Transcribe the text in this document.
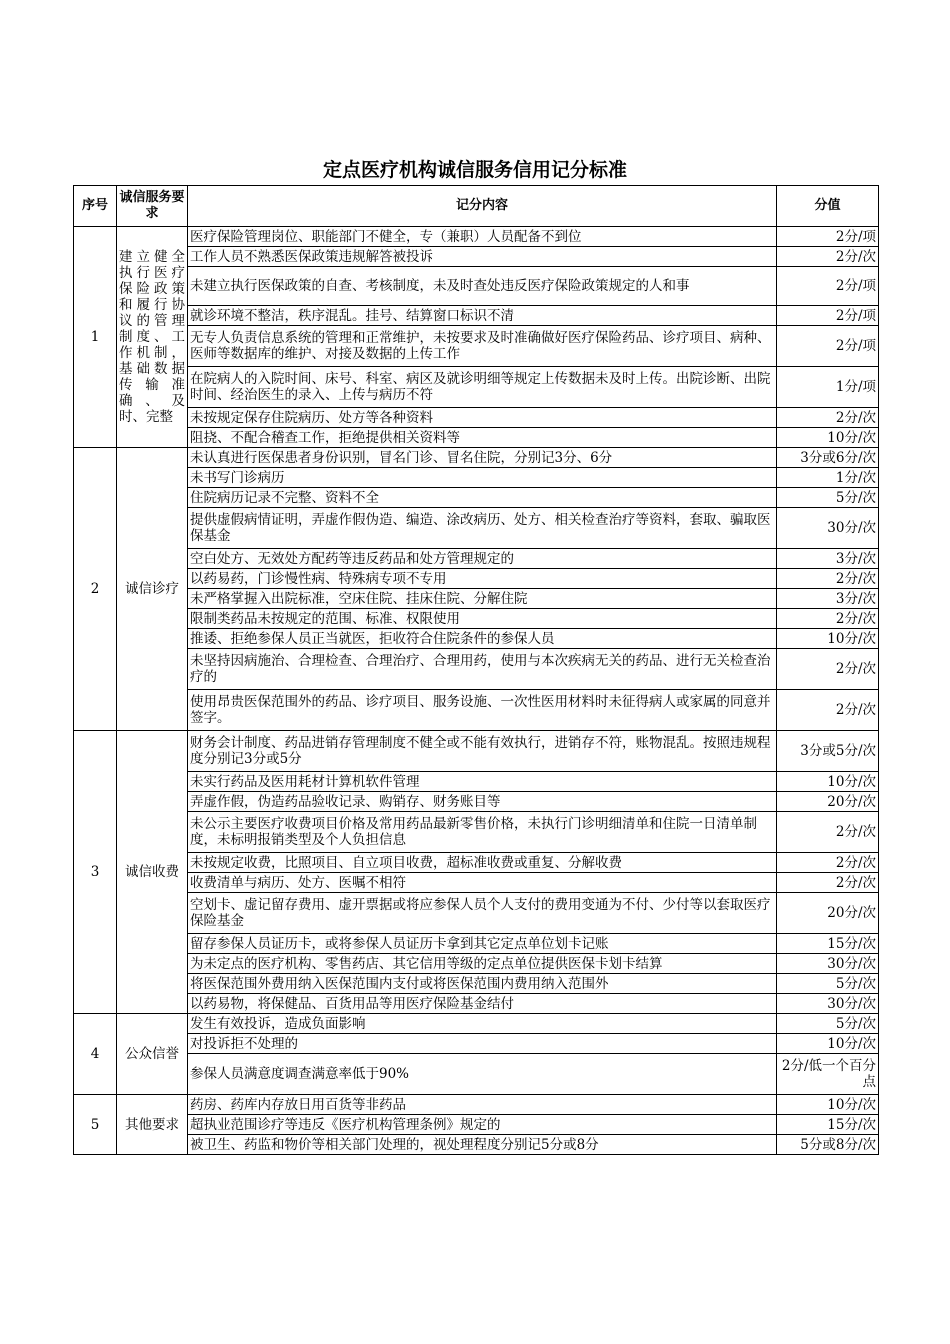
定点医疗机构诚信服务信用记分标准
序号	诚信服务要求	记分内容	分值
1	建立健全执行医疗保险政策和履行协议的管理制度、工作机制，基础数据传输准确、及时、完整	医疗保险管理岗位、职能部门不健全，专（兼职）人员配备不到位	2分/项
		工作人员不熟悉医保政策违规解答被投诉	2分/次
		未建立执行医保政策的自查、考核制度，未及时查处违反医疗保险政策规定的人和事	2分/项
		就诊环境不整洁，秩序混乱。挂号、结算窗口标识不清	2分/项
		无专人负责信息系统的管理和正常维护，未按要求及时准确做好医疗保险药品、诊疗项目、病种、医师等数据库的维护、对接及数据的上传工作	2分/项
		在院病人的入院时间、床号、科室、病区及就诊明细等规定上传数据未及时上传。出院诊断、出院时间、经治医生的录入、上传与病历不符	1分/项
		未按规定保存住院病历、处方等各种资料	2分/次
		阻挠、不配合稽查工作，拒绝提供相关资料等	10分/次
2	诚信诊疗	未认真进行医保患者身份识别，冒名门诊、冒名住院，分别记3分、6分	3分或6分/次
		未书写门诊病历	1分/次
		住院病历记录不完整、资料不全	5分/次
		提供虚假病情证明，弄虚作假伪造、编造、涂改病历、处方、相关检查治疗等资料，套取、骗取医保基金	30分/次
		空白处方、无效处方配药等违反药品和处方管理规定的	3分/次
		以药易药，门诊慢性病、特殊病专项不专用	2分/次
		未严格掌握入出院标准，空床住院、挂床住院、分解住院	3分/次
		限制类药品未按规定的范围、标准、权限使用	2分/次
		推诿、拒绝参保人员正当就医，拒收符合住院条件的参保人员	10分/次
		未坚持因病施治、合理检查、合理治疗、合理用药，使用与本次疾病无关的药品、进行无关检查治疗的	2分/次
		使用昂贵医保范围外的药品、诊疗项目、服务设施、一次性医用材料时未征得病人或家属的同意并签字。	2分/次
3	诚信收费	财务会计制度、药品进销存管理制度不健全或不能有效执行，进销存不符，账物混乱。按照违规程度分别记3分或5分	3分或5分/次
		未实行药品及医用耗材计算机软件管理	10分/次
		弄虚作假，伪造药品验收记录、购销存、财务账目等	20分/次
		未公示主要医疗收费项目价格及常用药品最新零售价格，未执行门诊明细清单和住院一日清单制度，未标明报销类型及个人负担信息	2分/次
		未按规定收费，比照项目、自立项目收费，超标准收费或重复、分解收费	2分/次
		收费清单与病历、处方、医嘱不相符	2分/次
		空划卡、虚记留存费用、虚开票据或将应参保人员个人支付的费用变通为不付、少付等以套取医疗保险基金	20分/次
		留存参保人员证历卡，或将参保人员证历卡拿到其它定点单位划卡记账	15分/次
		为未定点的医疗机构、零售药店、其它信用等级的定点单位提供医保卡划卡结算	30分/次
		将医保范围外费用纳入医保范围内支付或将医保范围内费用纳入范围外	5分/次
		以药易物，将保健品、百货用品等用医疗保险基金结付	30分/次
4	公众信誉	发生有效投诉，造成负面影响	5分/次
		对投诉拒不处理的	10分/次
		参保人员满意度调查满意率低于90%	2分/低一个百分点
5	其他要求	药房、药库内存放日用百货等非药品	10分/次
		超执业范围诊疗等违反《医疗机构管理条例》规定的	15分/次
		被卫生、药监和物价等相关部门处理的，视处理程度分别记5分或8分	5分或8分/次
